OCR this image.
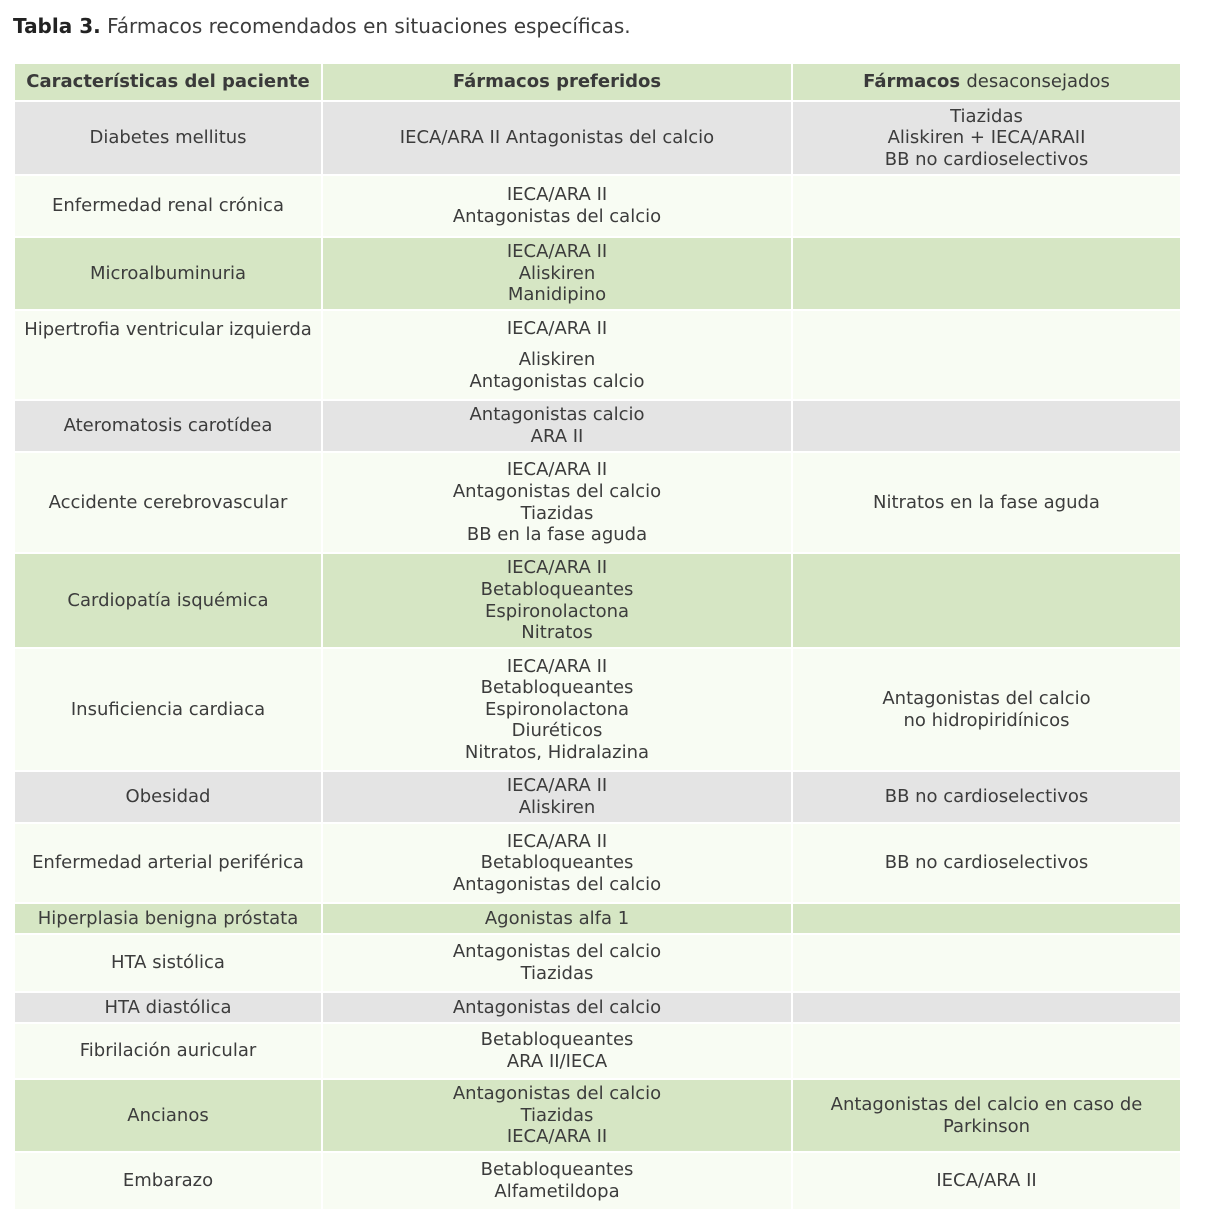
Tabla 3. Fármacos recomendados en situaciones específicas.
Características del paciente	Fármacos preferidos	Fármacos desaconsejados
Diabetes mellitus	IECA/ARA II Antagonistas del calcio	Tiazidas
Aliskiren + IECA/ARAII
BB no cardioselectivos

Enfermedad renal crónica	IECA/ARA II
Antagonistas del calcio	

Microalbuminuria	IECA/ARA II
Aliskiren
Manidipino	

Hipertrofia ventricular izquierda	IECA/ARA II
Aliskiren
Antagonistas calcio	

Ateromatosis carotídea	Antagonistas calcio
ARA II	

Accidente cerebrovascular	IECA/ARA II
Antagonistas del calcio
Tiazidas
BB en la fase aguda	Nitratos en la fase aguda

Cardiopatía isquémica	IECA/ARA II
Betabloqueantes
Espironolactona
Nitratos	

Insuficiencia cardiaca	IECA/ARA II
Betabloqueantes
Espironolactona
Diuréticos
Nitratos, Hidralazina	Antagonistas del calcio
no hidropiridínicos

Obesidad	IECA/ARA II
Aliskiren	BB no cardioselectivos

Enfermedad arterial periférica	IECA/ARA II
Betabloqueantes
Antagonistas del calcio	BB no cardioselectivos

Hiperplasia benigna próstata	Agonistas alfa 1	

HTA sistólica	Antagonistas del calcio
Tiazidas	

HTA diastólica	Antagonistas del calcio	

Fibrilación auricular	Betabloqueantes
ARA II/IECA	

Ancianos	Antagonistas del calcio
Tiazidas
IECA/ARA II	Antagonistas del calcio en caso de
Parkinson

Embarazo	Betabloqueantes
Alfametildopa	IECA/ARA II
